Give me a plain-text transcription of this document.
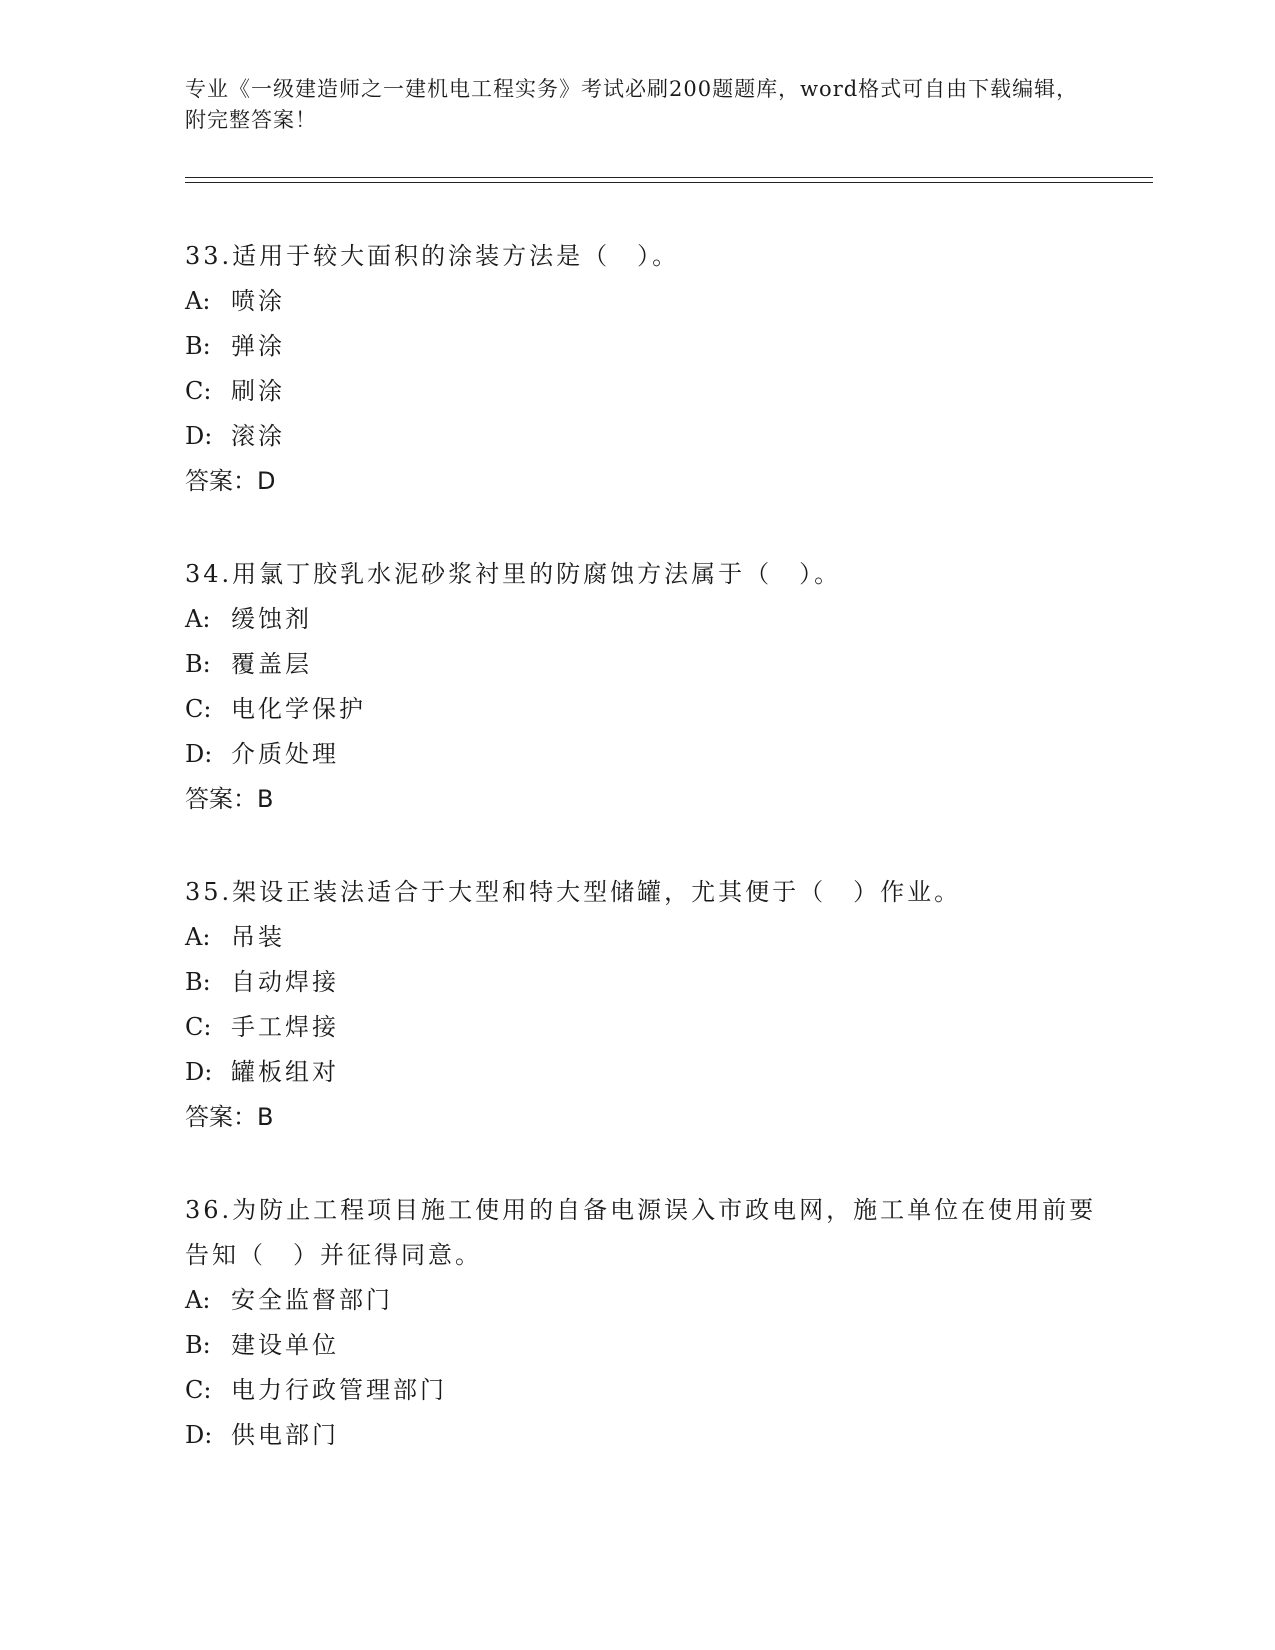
专业《一级建造师之一建机电工程实务》考试必刷200题题库，word格式可自由下载编辑，附完整答案！
33.适用于较大面积的涂装方法是（　）。
A: 喷涂
B: 弹涂
C: 刷涂
D: 滚涂
答案：D
34.用氯丁胶乳水泥砂浆衬里的防腐蚀方法属于（　）。
A: 缓蚀剂
B: 覆盖层
C: 电化学保护
D: 介质处理
答案：B
35.架设正装法适合于大型和特大型储罐，尤其便于（　）作业。
A: 吊装
B: 自动焊接
C: 手工焊接
D: 罐板组对
答案：B
36.为防止工程项目施工使用的自备电源误入市政电网，施工单位在使用前要告知（　）并征得同意。
A: 安全监督部门
B: 建设单位
C: 电力行政管理部门
D: 供电部门
